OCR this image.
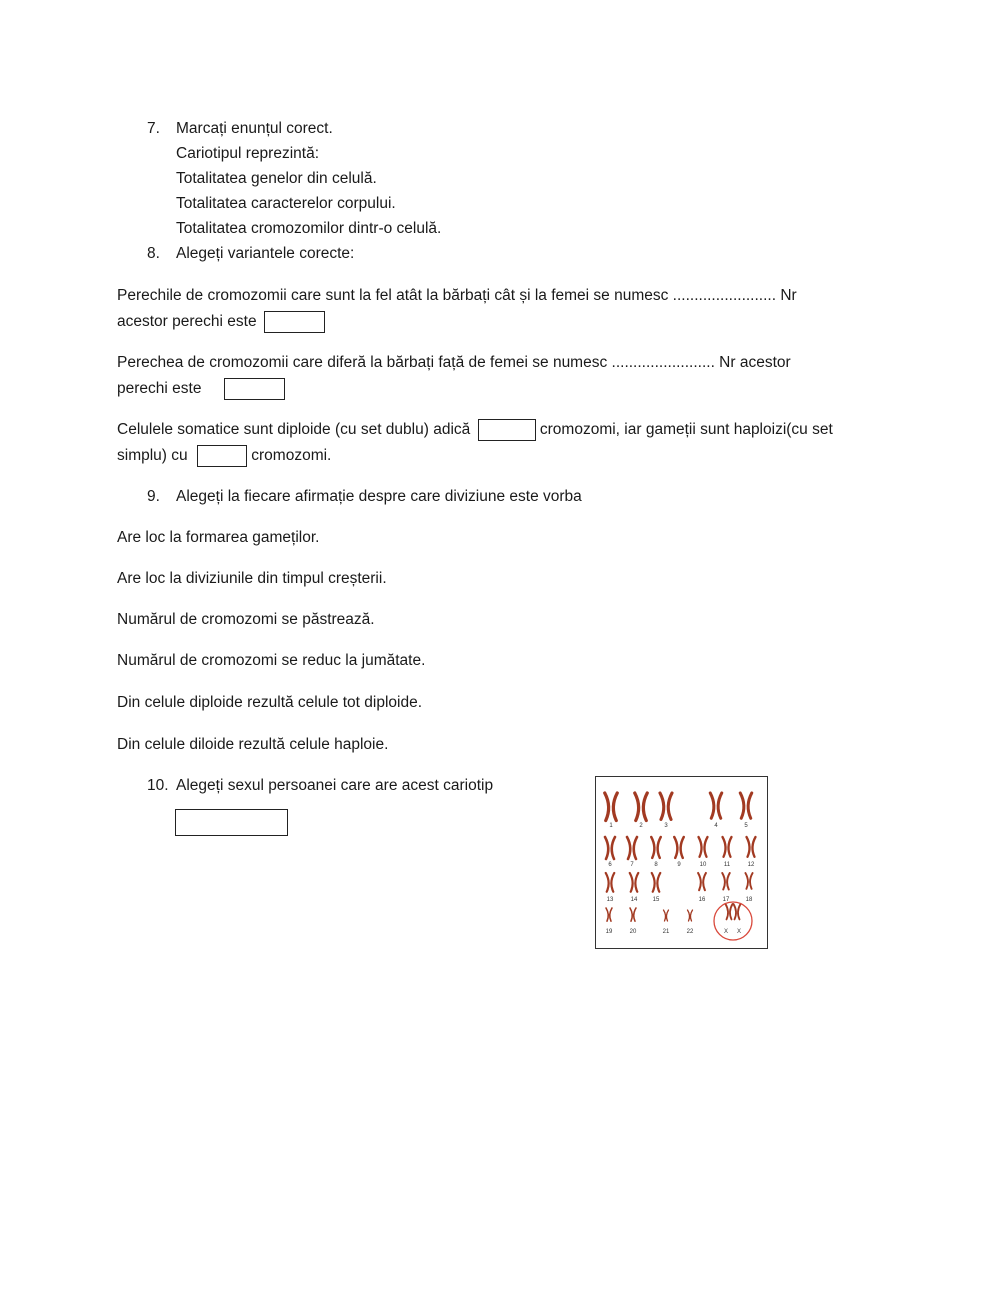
7. Marcați enunțul corect.
Cariotipul reprezintă:
Totalitatea genelor din celulă.
Totalitatea caracterelor corpului.
Totalitatea cromozomilor dintr-o celulă.
8. Alegeți variantele corecte:
Perechile de cromozomii care sunt la fel atât la bărbați cât și la femei se numesc ........................ Nr
acestor perechi este
Perechea de cromozomii care diferă la bărbați față de femei se numesc ........................ Nr acestor
perechi este
Celulele somatice sunt diploide (cu set dublu) adică	cromozomi, iar gameții sunt haploizi(cu set
simplu) cu	cromozomi.
9. Alegeți la fiecare afirmație despre care diviziune este vorba
Are loc la formarea gameților.
Are loc la diviziunile din timpul creșterii.
Numărul de cromozomi se păstrează.
Numărul de cromozomi se reduc la jumătate.
Din celule diploide rezultă celule tot diploide.
Din celule diloide rezultă celule haploie.
10. Alegeți sexul persoanei care are acest cariotip
1	2	3	4	5
6	7	8	9	10	11	12
13	14	15	16	17	18
19	20	21	22	X X
